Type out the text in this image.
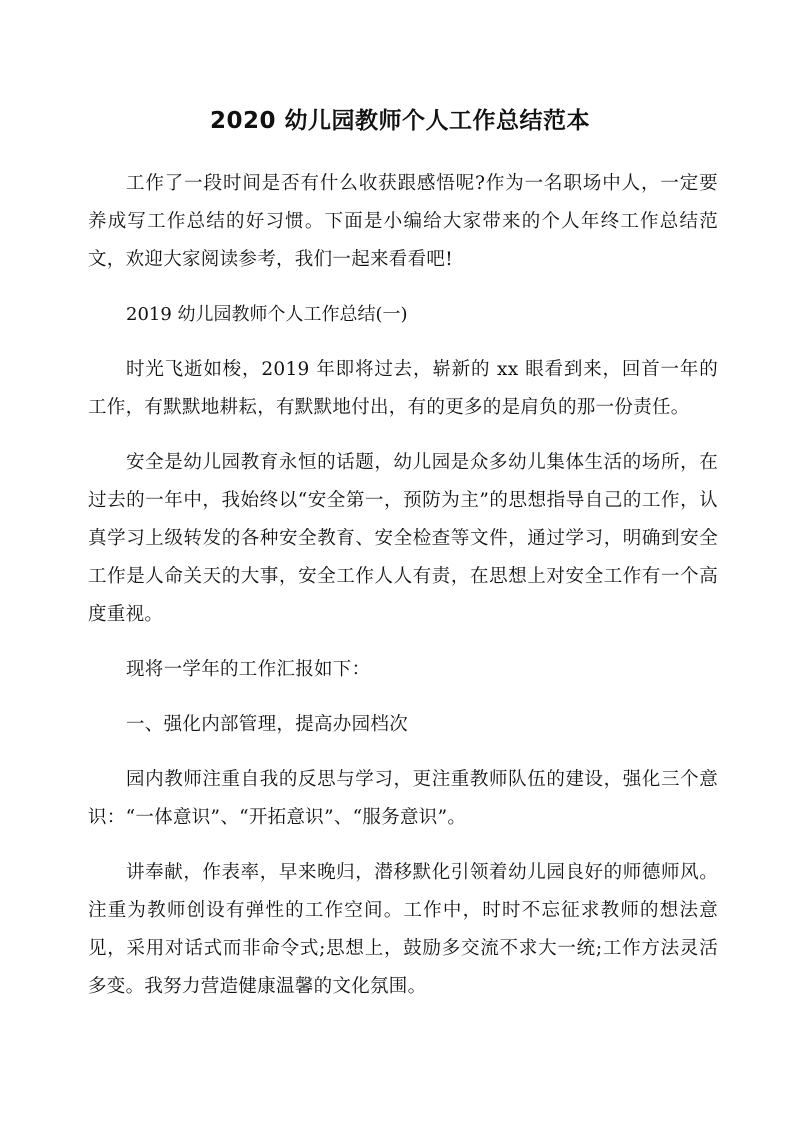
2020 幼儿园教师个人工作总结范本

工作了一段时间是否有什么收获跟感悟呢?作为一名职场中人，一定要养成写工作总结的好习惯。下面是小编给大家带来的个人年终工作总结范文，欢迎大家阅读参考，我们一起来看看吧!

2019 幼儿园教师个人工作总结(一)

时光飞逝如梭，2019 年即将过去，崭新的 xx 眼看到来，回首一年的工作，有默默地耕耘，有默默地付出，有的更多的是肩负的那一份责任。

安全是幼儿园教育永恒的话题，幼儿园是众多幼儿集体生活的场所，在过去的一年中，我始终以“安全第一，预防为主”的思想指导自己的工作，认真学习上级转发的各种安全教育、安全检查等文件，通过学习，明确到安全工作是人命关天的大事，安全工作人人有责，在思想上对安全工作有一个高度重视。

现将一学年的工作汇报如下：

一、强化内部管理，提高办园档次

园内教师注重自我的反思与学习，更注重教师队伍的建设，强化三个意识：“一体意识”、“开拓意识”、“服务意识”。

讲奉献，作表率，早来晚归，潜移默化引领着幼儿园良好的师德师风。注重为教师创设有弹性的工作空间。工作中，时时不忘征求教师的想法意见，采用对话式而非命令式;思想上，鼓励多交流不求大一统;工作方法灵活多变。我努力营造健康温馨的文化氛围。
